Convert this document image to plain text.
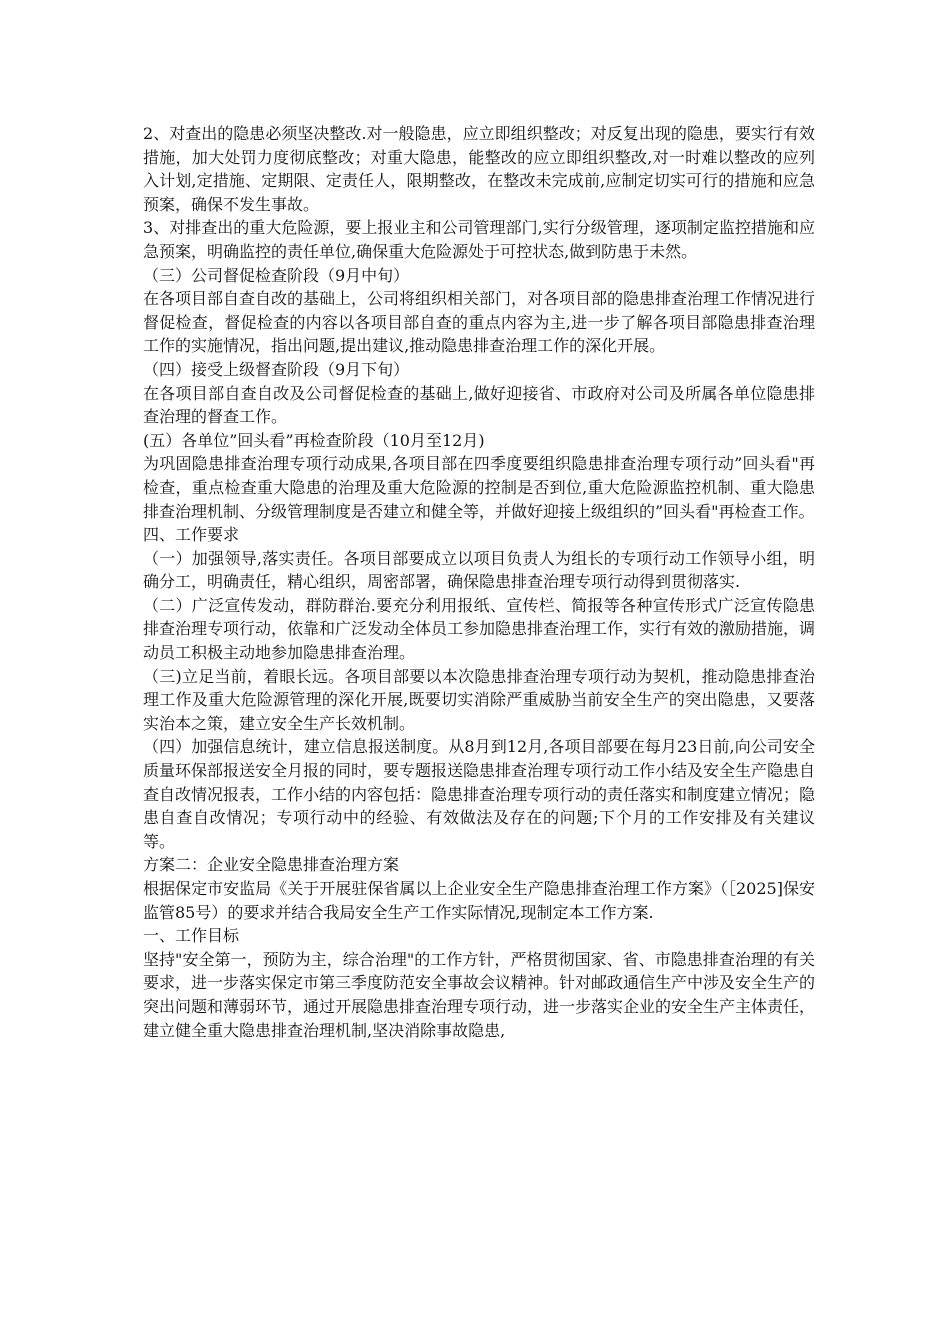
2、对查出的隐患必须坚决整改.对一般隐患，应立即组织整改；对反复出现的隐患，要实行有效措施，加大处罚力度彻底整改；对重大隐患，能整改的应立即组织整改,对一时难以整改的应列入计划,定措施、定期限、定责任人，限期整改，在整改未完成前,应制定切实可行的措施和应急预案，确保不发生事故。

3、对排查出的重大危险源，要上报业主和公司管理部门,实行分级管理，逐项制定监控措施和应急预案，明确监控的责任单位,确保重大危险源处于可控状态,做到防患于未然。

（三）公司督促检查阶段（9月中旬）

在各项目部自查自改的基础上，公司将组织相关部门，对各项目部的隐患排查治理工作情况进行督促检查，督促检查的内容以各项目部自查的重点内容为主,进一步了解各项目部隐患排查治理工作的实施情况，指出问题,提出建议,推动隐患排查治理工作的深化开展。

（四）接受上级督查阶段（9月下旬）

在各项目部自查自改及公司督促检查的基础上,做好迎接省、市政府对公司及所属各单位隐患排查治理的督查工作。

(五）各单位”回头看”再检查阶段（10月至12月)

为巩固隐患排查治理专项行动成果,各项目部在四季度要组织隐患排查治理专项行动”回头看"再检查，重点检查重大隐患的治理及重大危险源的控制是否到位,重大危险源监控机制、重大隐患排查治理机制、分级管理制度是否建立和健全等，并做好迎接上级组织的”回头看"再检查工作。

四、工作要求

（一）加强领导,落实责任。各项目部要成立以项目负责人为组长的专项行动工作领导小组，明确分工，明确责任，精心组织，周密部署，确保隐患排查治理专项行动得到贯彻落实.

（二）广泛宣传发动，群防群治.要充分利用报纸、宣传栏、简报等各种宣传形式广泛宣传隐患排查治理专项行动，依靠和广泛发动全体员工参加隐患排查治理工作，实行有效的激励措施，调动员工积极主动地参加隐患排查治理。

（三)立足当前，着眼长远。各项目部要以本次隐患排查治理专项行动为契机，推动隐患排查治理工作及重大危险源管理的深化开展,既要切实消除严重威胁当前安全生产的突出隐患，又要落实治本之策，建立安全生产长效机制。

（四）加强信息统计，建立信息报送制度。从8月到12月,各项目部要在每月23日前,向公司安全质量环保部报送安全月报的同时，要专题报送隐患排查治理专项行动工作小结及安全生产隐患自查自改情况报表，工作小结的内容包括：隐患排查治理专项行动的责任落实和制度建立情况；隐患自查自改情况；专项行动中的经验、有效做法及存在的问题;下个月的工作安排及有关建议等。

方案二：企业安全隐患排查治理方案

根据保定市安监局《关于开展驻保省属以上企业安全生产隐患排查治理工作方案》（［2025]保安监管85号）的要求并结合我局安全生产工作实际情况,现制定本工作方案.

一、工作目标

坚持"安全第一，预防为主，综合治理"的工作方针，严格贯彻国家、省、市隐患排查治理的有关要求，进一步落实保定市第三季度防范安全事故会议精神。针对邮政通信生产中涉及安全生产的突出问题和薄弱环节，通过开展隐患排查治理专项行动，进一步落实企业的安全生产主体责任，建立健全重大隐患排查治理机制,坚决消除事故隐患,
